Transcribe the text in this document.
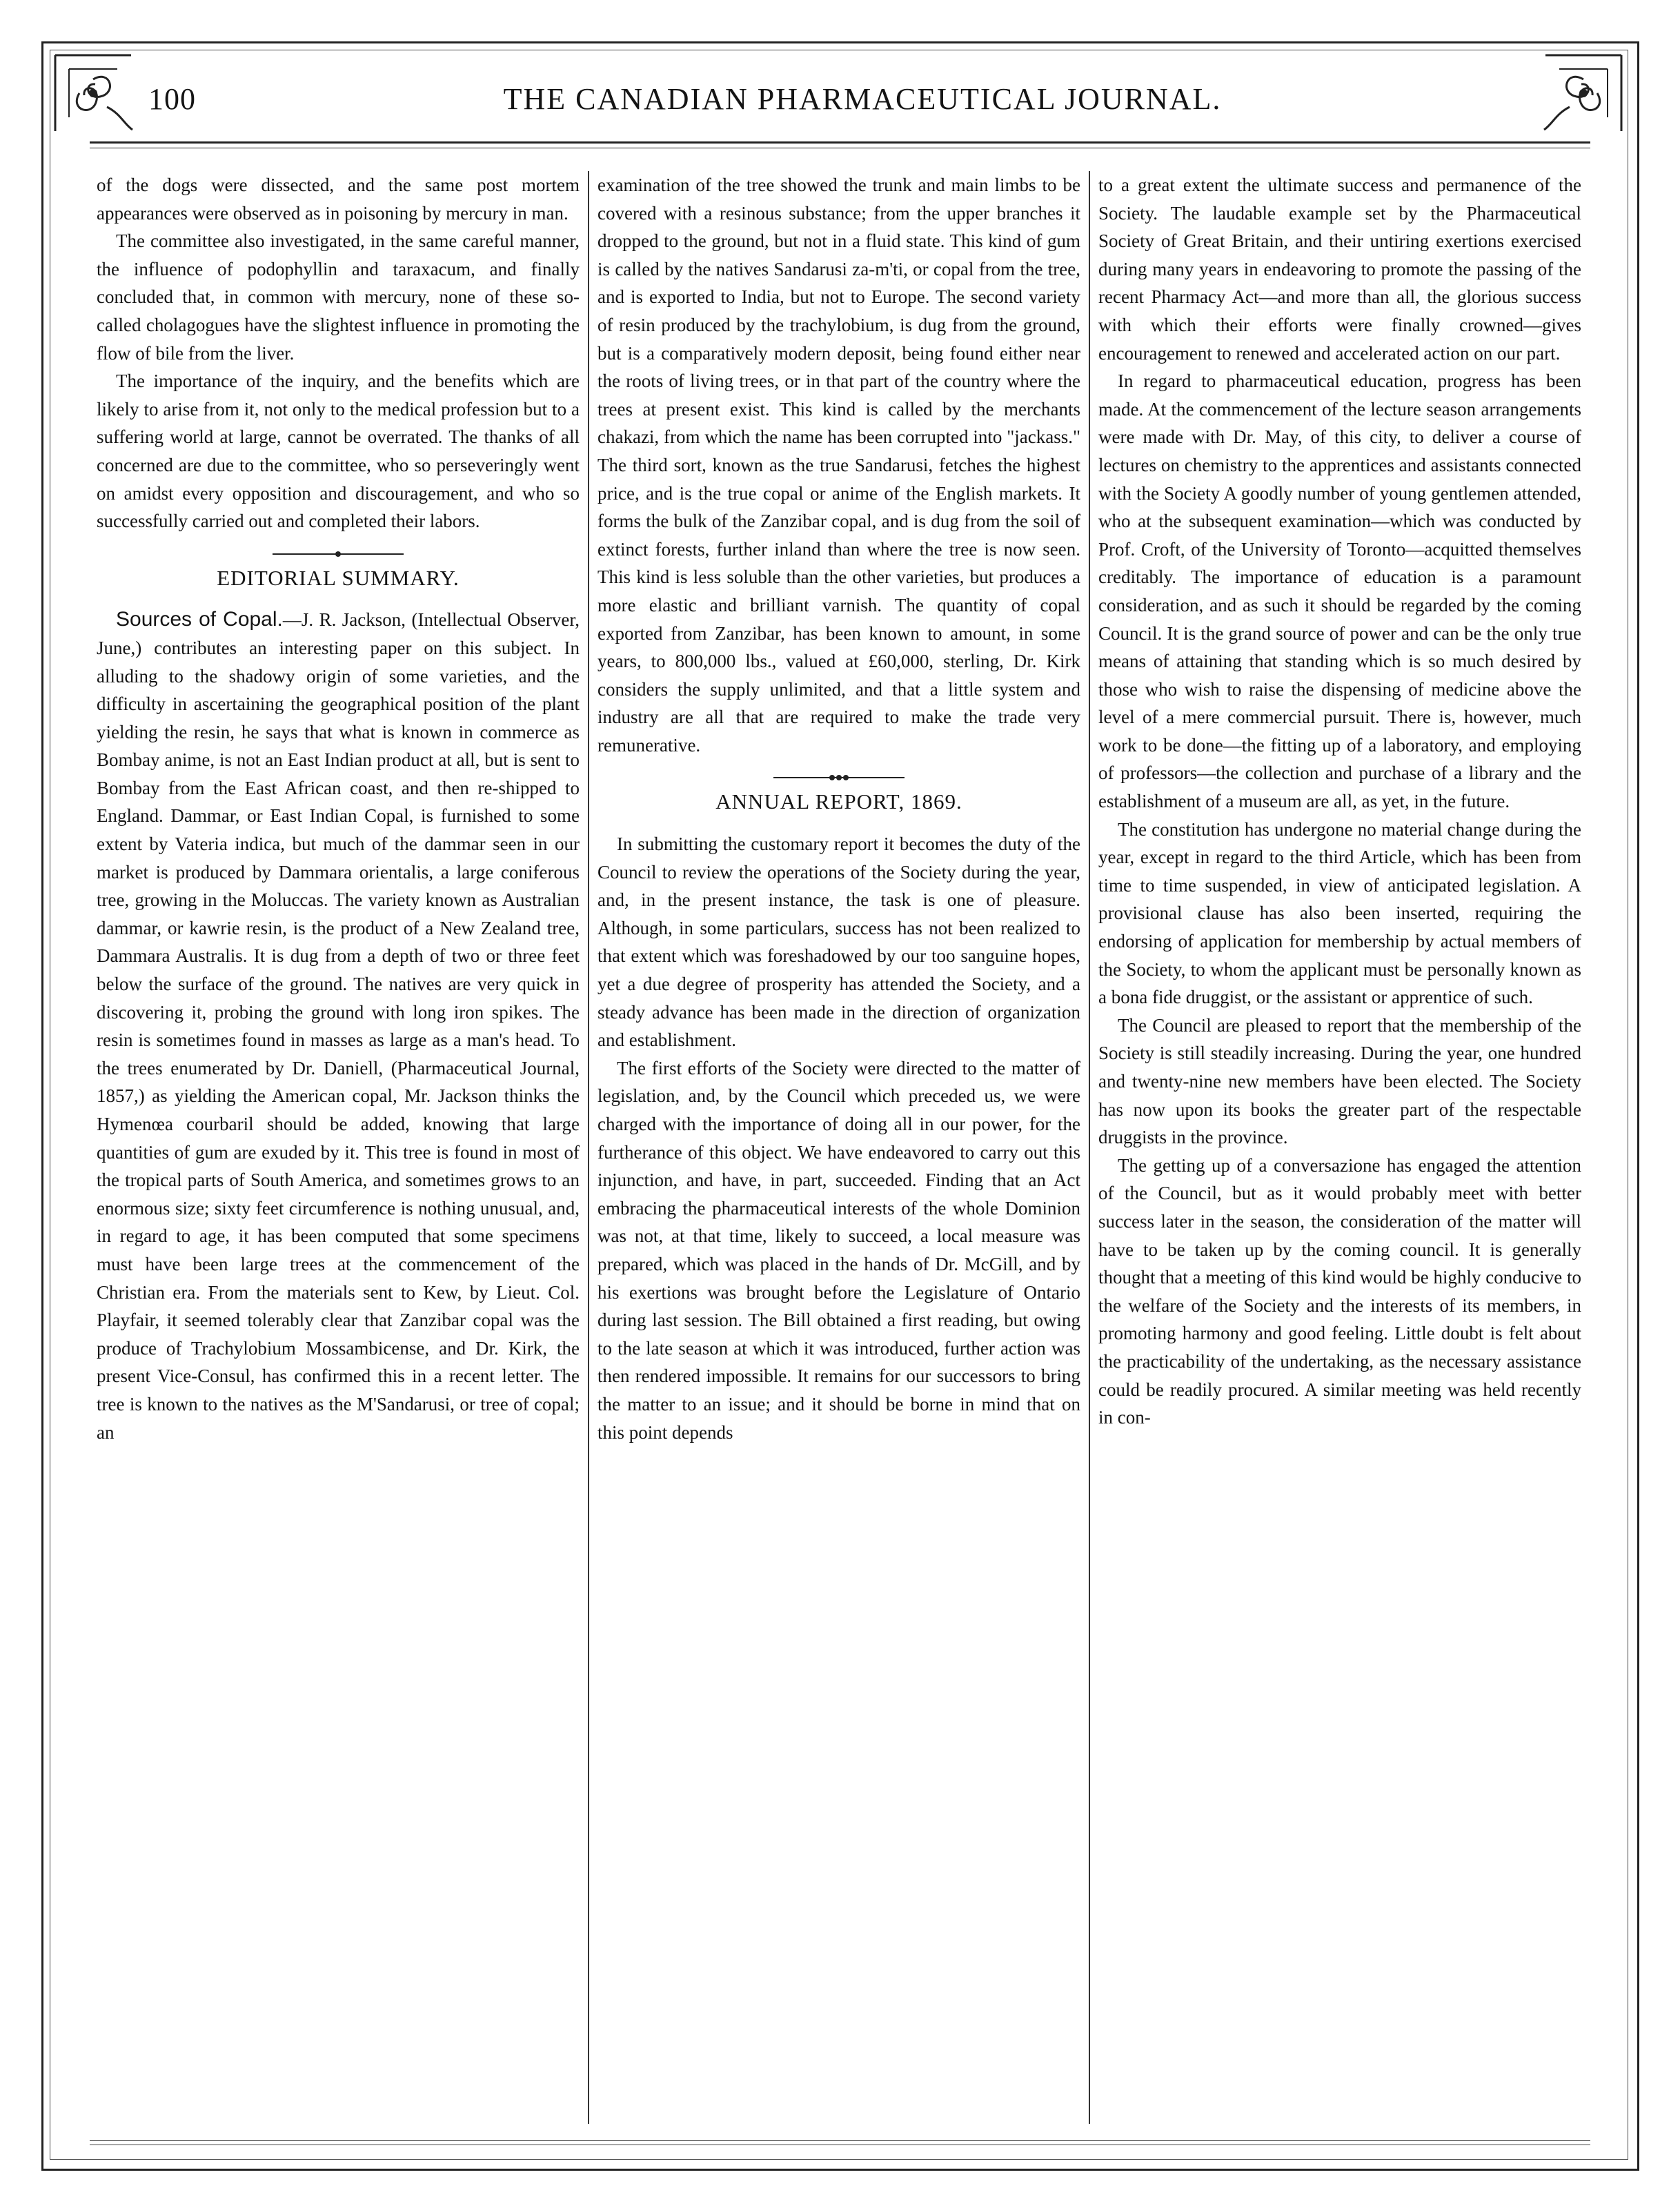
100	THE CANADIAN PHARMACEUTICAL JOURNAL.

of the dogs were dissected, and the same post mortem appearances were observed as in poisoning by mercury in man.

The committee also investigated, in the same careful manner, the influence of podophyllin and taraxacum, and finally concluded that, in common with mercury, none of these so-called cholagogues have the slightest influence in promoting the flow of bile from the liver.

The importance of the inquiry, and the benefits which are likely to arise from it, not only to the medical profession but to a suffering world at large, cannot be overrated. The thanks of all concerned are due to the committee, who so perseveringly went on amidst every opposition and discouragement, and who so successfully carried out and completed their labors.

EDITORIAL SUMMARY.

Sources of Copal.—J. R. Jackson, (Intellectual Observer, June,) contributes an interesting paper on this subject. In alluding to the shadowy origin of some varieties, and the difficulty in ascertaining the geographical position of the plant yielding the resin, he says that what is known in commerce as Bombay animе, is not an East Indian product at all, but is sent to Bombay from the East African coast, and then re-shipped to England. Dammar, or East Indian Copal, is furnished to some extent by Vateria indica, but much of the dammar seen in our market is produced by Dammara orientalis, a large coniferous tree, growing in the Moluccas. The variety known as Australian dammar, or kawrie resin, is the product of a New Zealand tree, Dammara Australis. It is dug from a depth of two or three feet below the surface of the ground. The natives are very quick in discovering it, probing the ground with long iron spikes. The resin is sometimes found in masses as large as a man's head. To the trees enumerated by Dr. Daniell, (Pharmaceutical Journal, 1857,) as yielding the American copal, Mr. Jackson thinks the Hymenœa courbaril should be added, knowing that large quantities of gum are exuded by it. This tree is found in most of the tropical parts of South America, and sometimes grows to an enormous size; sixty feet circumference is nothing unusual, and, in regard to age, it has been computed that some specimens must have been large trees at the commencement of the Christian era. From the materials sent to Kew, by Lieut. Col. Playfair, it seemed tolerably clear that Zanzibar copal was the produce of Trachylobium Mossambicense, and Dr. Kirk, the present Vice-Consul, has confirmed this in a recent letter. The tree is known to the natives as the M'Sandarusi, or tree of copal; an

examination of the tree showed the trunk and main limbs to be covered with a resinous substance; from the upper branches it dropped to the ground, but not in a fluid state. This kind of gum is called by the natives Sandarusi za-m'ti, or copal from the tree, and is exported to India, but not to Europe. The second variety of resin produced by the trachylobium, is dug from the ground, but is a comparatively modern deposit, being found either near the roots of living trees, or in that part of the country where the trees at present exist. This kind is called by the merchants chakazi, from which the name has been corrupted into "jackass." The third sort, known as the true Sandarusi, fetches the highest price, and is the true copal or animе of the English markets. It forms the bulk of the Zanzibar copal, and is dug from the soil of extinct forests, further inland than where the tree is now seen. This kind is less soluble than the other varieties, but produces a more elastic and brilliant varnish. The quantity of copal exported from Zanzibar, has been known to amount, in some years, to 800,000 lbs., valued at £60,000, sterling, Dr. Kirk considers the supply unlimited, and that a little system and industry are all that are required to make the trade very remunerative.

ANNUAL REPORT, 1869.

In submitting the customary report it becomes the duty of the Council to review the operations of the Society during the year, and, in the present instance, the task is one of pleasure. Although, in some particulars, success has not been realized to that extent which was foreshadowed by our too sanguine hopes, yet a due degree of prosperity has attended the Society, and a steady advance has been made in the direction of organization and establishment.

The first efforts of the Society were directed to the matter of legislation, and, by the Council which preceded us, we were charged with the importance of doing all in our power, for the furtherance of this object. We have endeavored to carry out this injunction, and have, in part, succeeded. Finding that an Act embracing the pharmaceutical interests of the whole Dominion was not, at that time, likely to succeed, a local measure was prepared, which was placed in the hands of Dr. McGill, and by his exertions was brought before the Legislature of Ontario during last session. The Bill obtained a first reading, but owing to the late season at which it was introduced, further action was then rendered impossible. It remains for our successors to bring the matter to an issue; and it should be borne in mind that on this point depends

to a great extent the ultimate success and permanence of the Society. The laudable example set by the Pharmaceutical Society of Great Britain, and their untiring exertions exercised during many years in endeavoring to promote the passing of the recent Pharmacy Act—and more than all, the glorious success with which their efforts were finally crowned—gives encouragement to renewed and accelerated action on our part.

In regard to pharmaceutical education, progress has been made. At the commencement of the lecture season arrangements were made with Dr. May, of this city, to deliver a course of lectures on chemistry to the apprentices and assistants connected with the Society A goodly number of young gentlemen attended, who at the subsequent examination—which was conducted by Prof. Croft, of the University of Toronto—acquitted themselves creditably. The importance of education is a paramount consideration, and as such it should be regarded by the coming Council. It is the grand source of power and can be the only true means of attaining that standing which is so much desired by those who wish to raise the dispensing of medicine above the level of a mere commercial pursuit. There is, however, much work to be done—the fitting up of a laboratory, and employing of professors—the collection and purchase of a library and the establishment of a museum are all, as yet, in the future.

The constitution has undergone no material change during the year, except in regard to the third Article, which has been from time to time suspended, in view of anticipated legislation. A provisional clause has also been inserted, requiring the endorsing of application for membership by actual members of the Society, to whom the applicant must be personally known as a bona fide druggist, or the assistant or apprentice of such.

The Council are pleased to report that the membership of the Society is still steadily increasing. During the year, one hundred and twenty-nine new members have been elected. The Society has now upon its books the greater part of the respectable druggists in the province.

The getting up of a conversazione has engaged the attention of the Council, but as it would probably meet with better success later in the season, the consideration of the matter will have to be taken up by the coming council. It is generally thought that a meeting of this kind would be highly conducive to the welfare of the Society and the interests of its members, in promoting harmony and good feeling. Little doubt is felt about the practicability of the undertaking, as the necessary assistance could be readily procured. A similar meeting was held recently in con-
